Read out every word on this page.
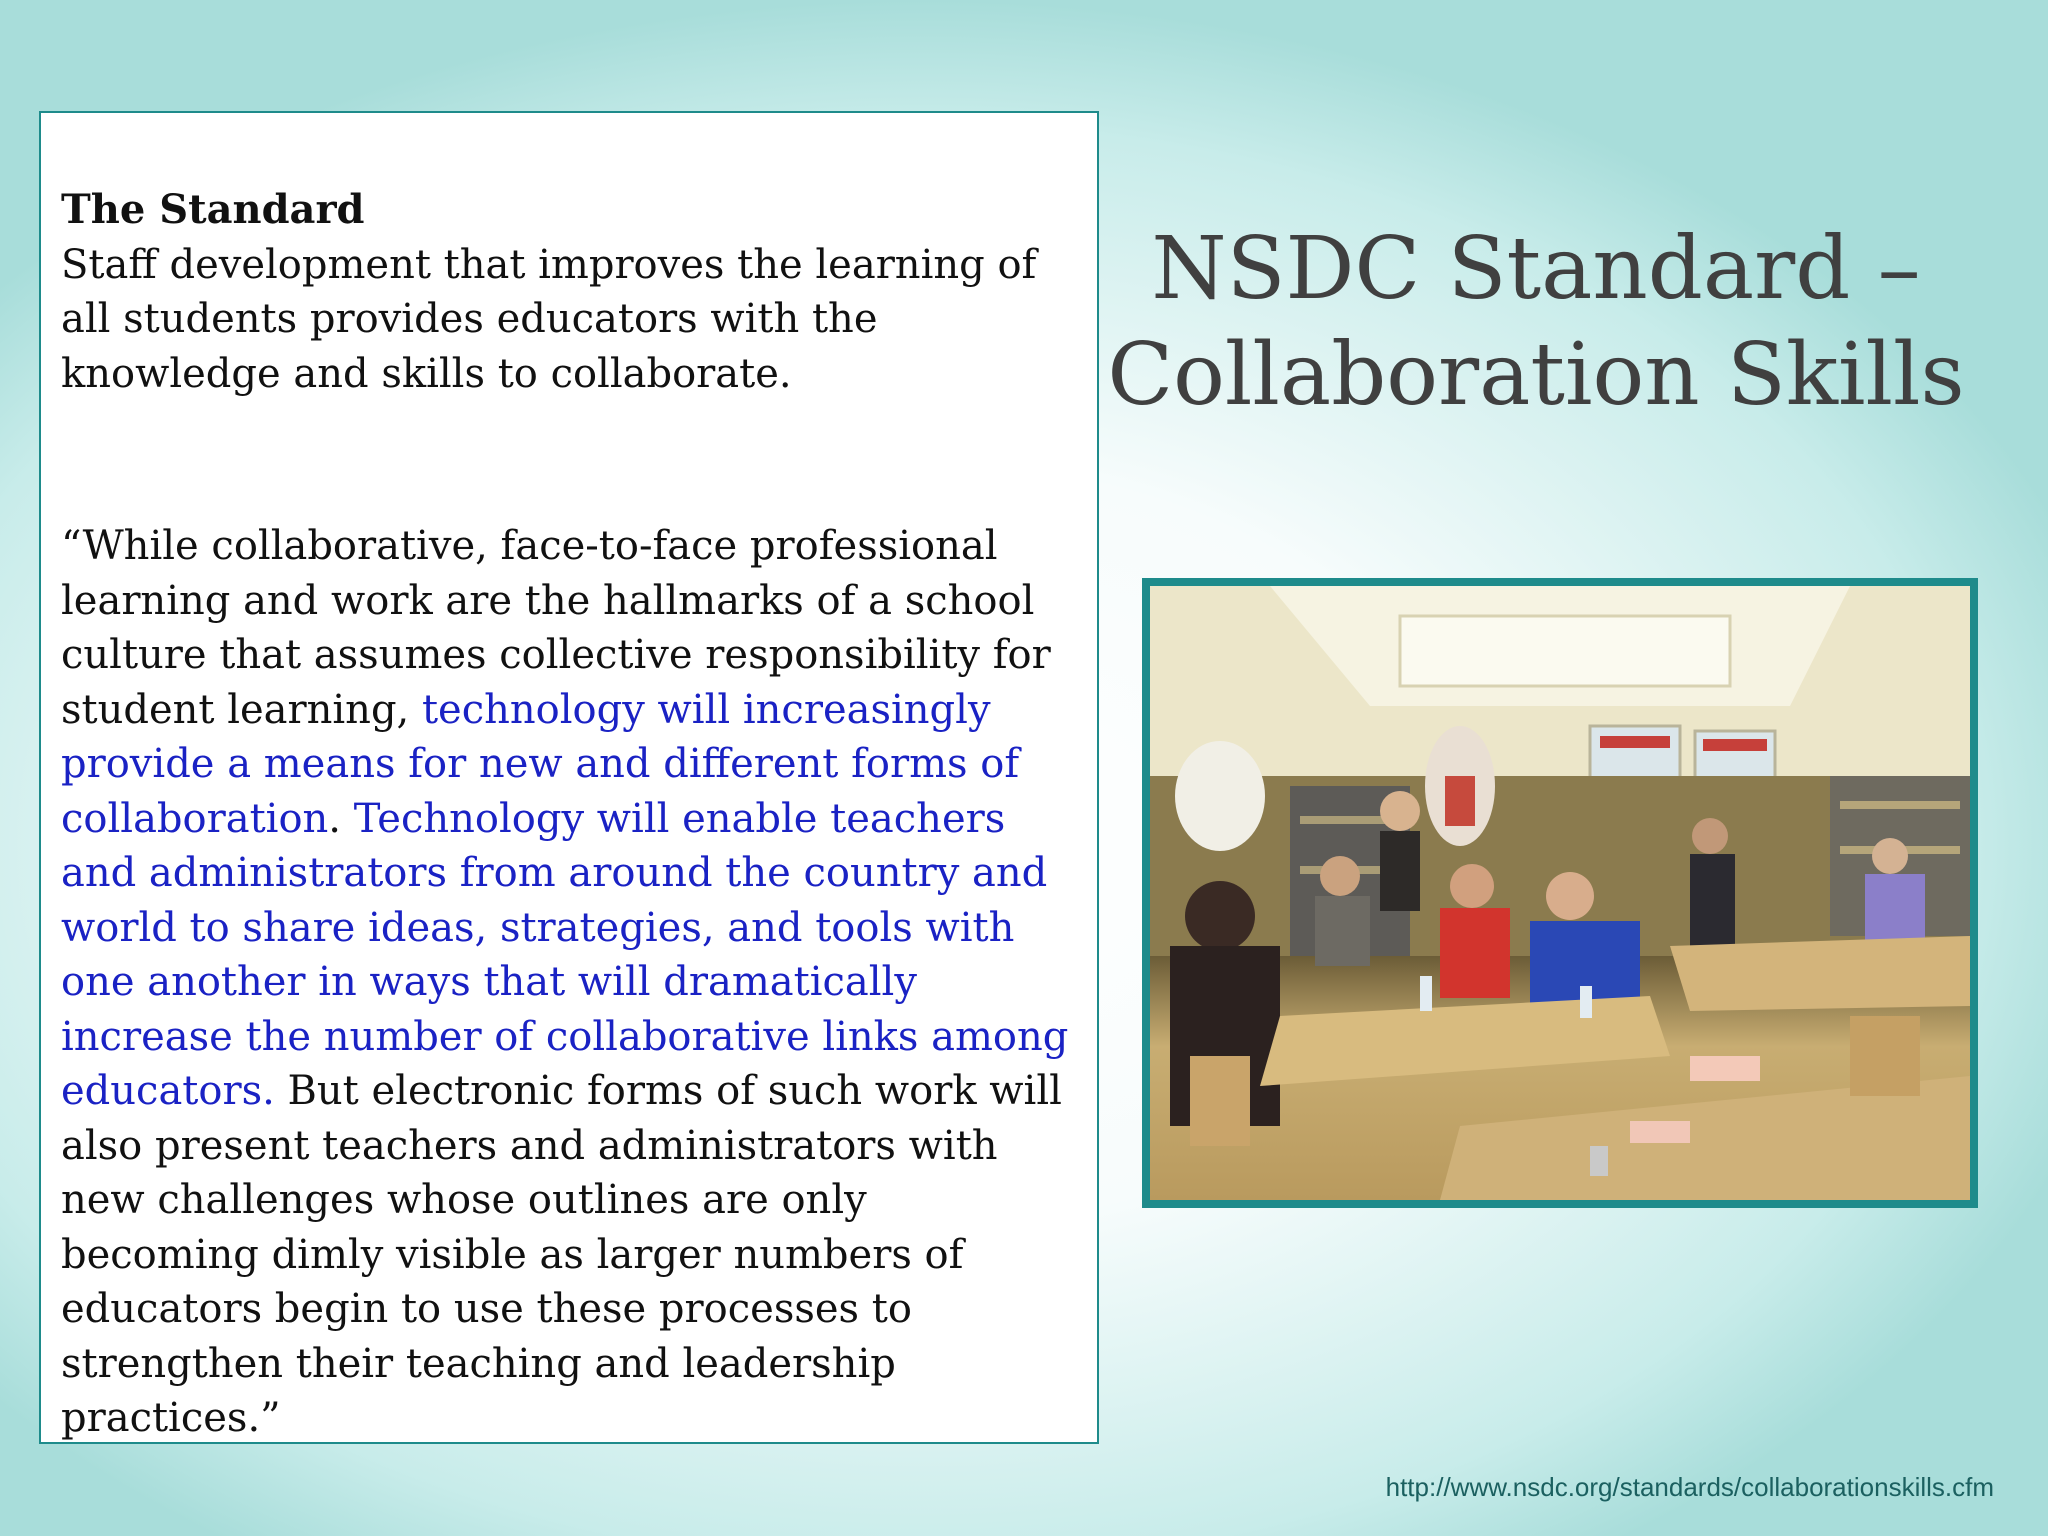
The Standard
Staff development that improves the learning of all students provides educators with the knowledge and skills to collaborate.

“While collaborative, face-to-face professional learning and work are the hallmarks of a school culture that assumes collective responsibility for student learning, technology will increasingly provide a means for new and different forms of collaboration. Technology will enable teachers and administrators from around the country and world to share ideas, strategies, and tools with one another in ways that will dramatically increase the number of collaborative links among educators. But electronic forms of such work will also present teachers and administrators with new challenges whose outlines are only becoming dimly visible as larger numbers of educators begin to use these processes to strengthen their teaching and leadership practices.”

NSDC Standard – Collaboration Skills
http://www.nsdc.org/standards/collaborationskills.cfm
